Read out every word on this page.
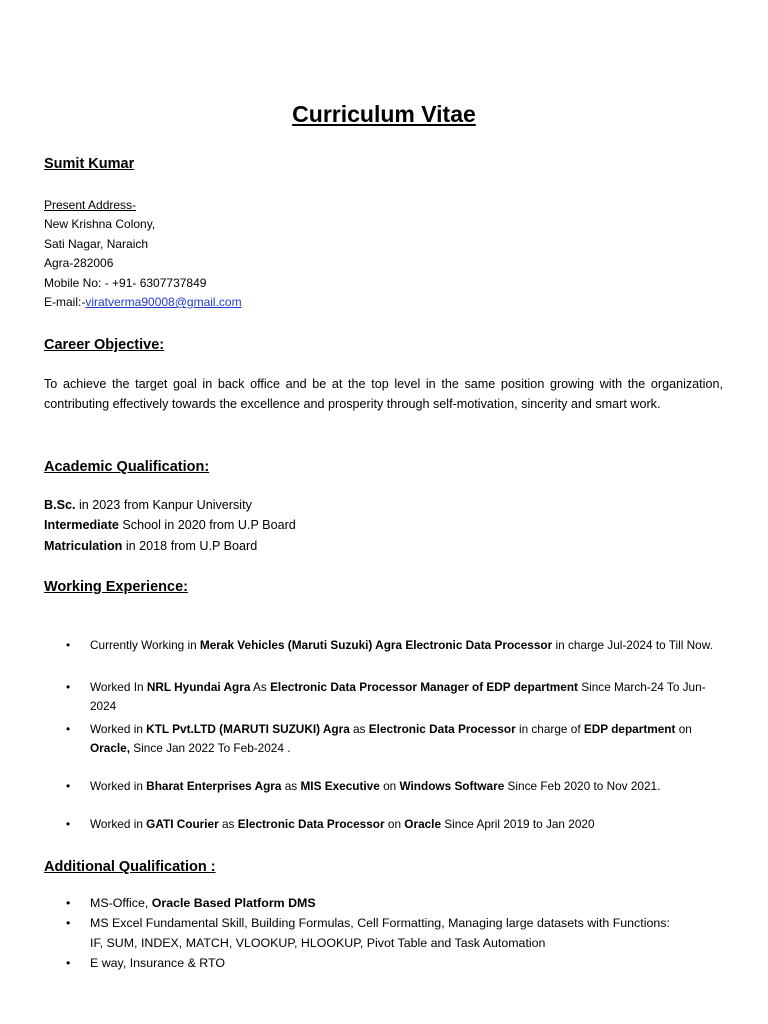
Curriculum Vitae
Sumit Kumar
Present Address-
New Krishna Colony,
Sati Nagar, Naraich
Agra-282006
Mobile No: - +91- 6307737849
E-mail:-viratverma90008@gmail.com
Career Objective:
To achieve the target goal in back office and be at the top level in the same position growing with the organization, contributing effectively towards the excellence and prosperity through self-motivation, sincerity and smart work.
Academic Qualification:
B.Sc. in 2023 from Kanpur University
Intermediate School in 2020 from U.P Board
Matriculation in 2018 from U.P Board
Working Experience:
• Currently Working in Merak Vehicles (Maruti Suzuki) Agra Electronic Data Processor in charge Jul-2024 to Till Now.
• Worked In NRL Hyundai Agra As Electronic Data Processor Manager of EDP department Since March-24 To Jun-2024
• Worked in KTL Pvt.LTD (MARUTI SUZUKI) Agra as Electronic Data Processor in charge of EDP department on Oracle, Since Jan 2022 To Feb-2024 .
• Worked in Bharat Enterprises Agra as MIS Executive on Windows Software Since Feb 2020 to Nov 2021.
• Worked in GATI Courier as Electronic Data Processor on Oracle Since April 2019 to Jan 2020
Additional Qualification :
• MS-Office, Oracle Based Platform DMS
• MS Excel Fundamental Skill, Building Formulas, Cell Formatting, Managing large datasets with Functions: IF, SUM, INDEX, MATCH, VLOOKUP, HLOOKUP, Pivot Table and Task Automation
• E way, Insurance & RTO
